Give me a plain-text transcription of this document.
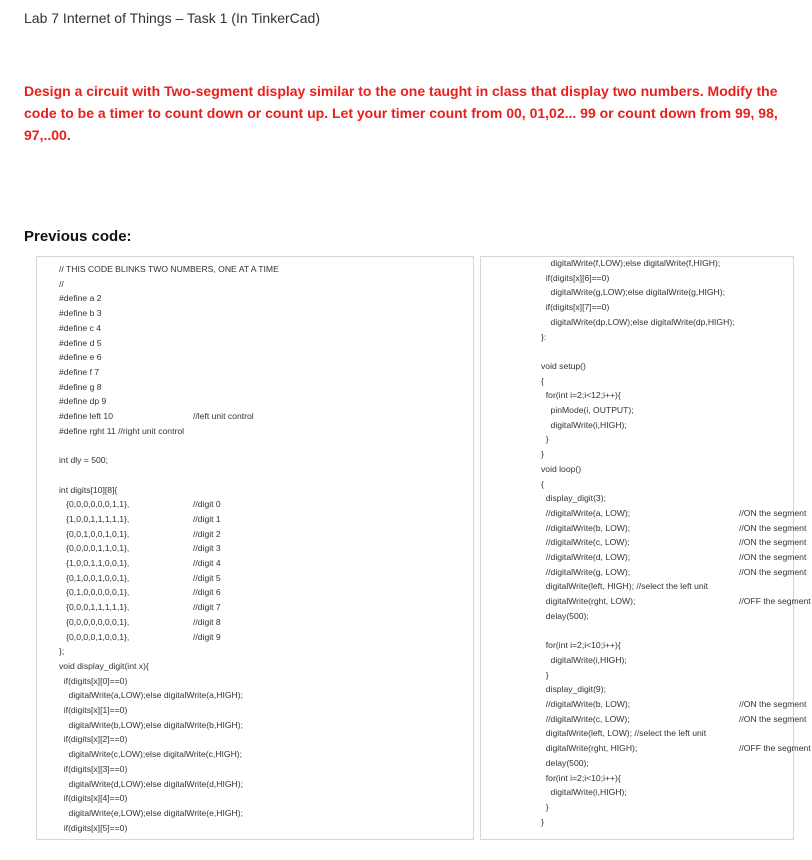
Lab 7 Internet of Things – Task 1 (In TinkerCad)
Design a circuit with Two-segment display similar to the one taught in class that display two numbers. Modify the code to be a timer to count down or count up. Let your timer count from 00, 01,02... 99 or count down from 99, 98, 97,..00.
Previous code:
// THIS CODE BLINKS TWO NUMBERS, ONE AT A TIME
//
#define a 2
#define b 3
#define c 4
#define d 5
#define e 6
#define f 7
#define g 8
#define dp 9
#define left 10	//left unit control
#define rght 11 //right unit control
int dly = 500;
int digits[10][8]{
{0,0,0,0,0,0,1,1},	//digit 0
{1,0,0,1,1,1,1,1},	//digit 1
{0,0,1,0,0,1,0,1},	//digit 2
{0,0,0,0,1,1,0,1},	//digit 3
{1,0,0,1,1,0,0,1},	//digit 4
{0,1,0,0,1,0,0,1},	//digit 5
{0,1,0,0,0,0,0,1},	//digit 6
{0,0,0,1,1,1,1,1},	//digit 7
{0,0,0,0,0,0,0,1},	//digit 8
{0,0,0,0,1,0,0,1},	//digit 9
};
void display_digit(int x){
if(digits[x][0]==0)
digitalWrite(a,LOW);else digitalWrite(a,HIGH);
if(digits[x][1]==0)
digitalWrite(b,LOW);else digitalWrite(b,HIGH);
if(digits[x][2]==0)
digitalWrite(c,LOW);else digitalWrite(c,HIGH);
if(digits[x][3]==0)
digitalWrite(d,LOW);else digitalWrite(d,HIGH);
if(digits[x][4]==0)
digitalWrite(e,LOW);else digitalWrite(e,HIGH);
if(digits[x][5]==0)
digitalWrite(f,LOW);else digitalWrite(f,HIGH);
if(digits[x][6]==0)
digitalWrite(g,LOW);else digitalWrite(g,HIGH);
if(digits[x][7]==0)
digitalWrite(dp,LOW);else digitalWrite(dp,HIGH);
}:
void setup()
{
for(int i=2;i<12;i++){
pinMode(i, OUTPUT);
digitalWrite(i,HIGH);
}
}
void loop()
{
display_digit(3);
//digitalWrite(a, LOW);	//ON the segment
//digitalWrite(b, LOW);	//ON the segment
//digitalWrite(c, LOW);	//ON the segment
//digitalWrite(d, LOW);	//ON the segment
//digitalWrite(g, LOW);	//ON the segment
digitalWrite(left, HIGH); //select the left unit
digitalWrite(rght, LOW);	//OFF the segment
delay(500);
for(int i=2;i<10;i++){
digitalWrite(i,HIGH);
}
display_digit(9);
//digitalWrite(b, LOW);	//ON the segment
//digitalWrite(c, LOW);	//ON the segment
digitalWrite(left, LOW); //select the left unit
digitalWrite(rght, HIGH);	//OFF the segment
delay(500);
for(int i=2;i<10;i++){
digitalWrite(i,HIGH);
}
}
